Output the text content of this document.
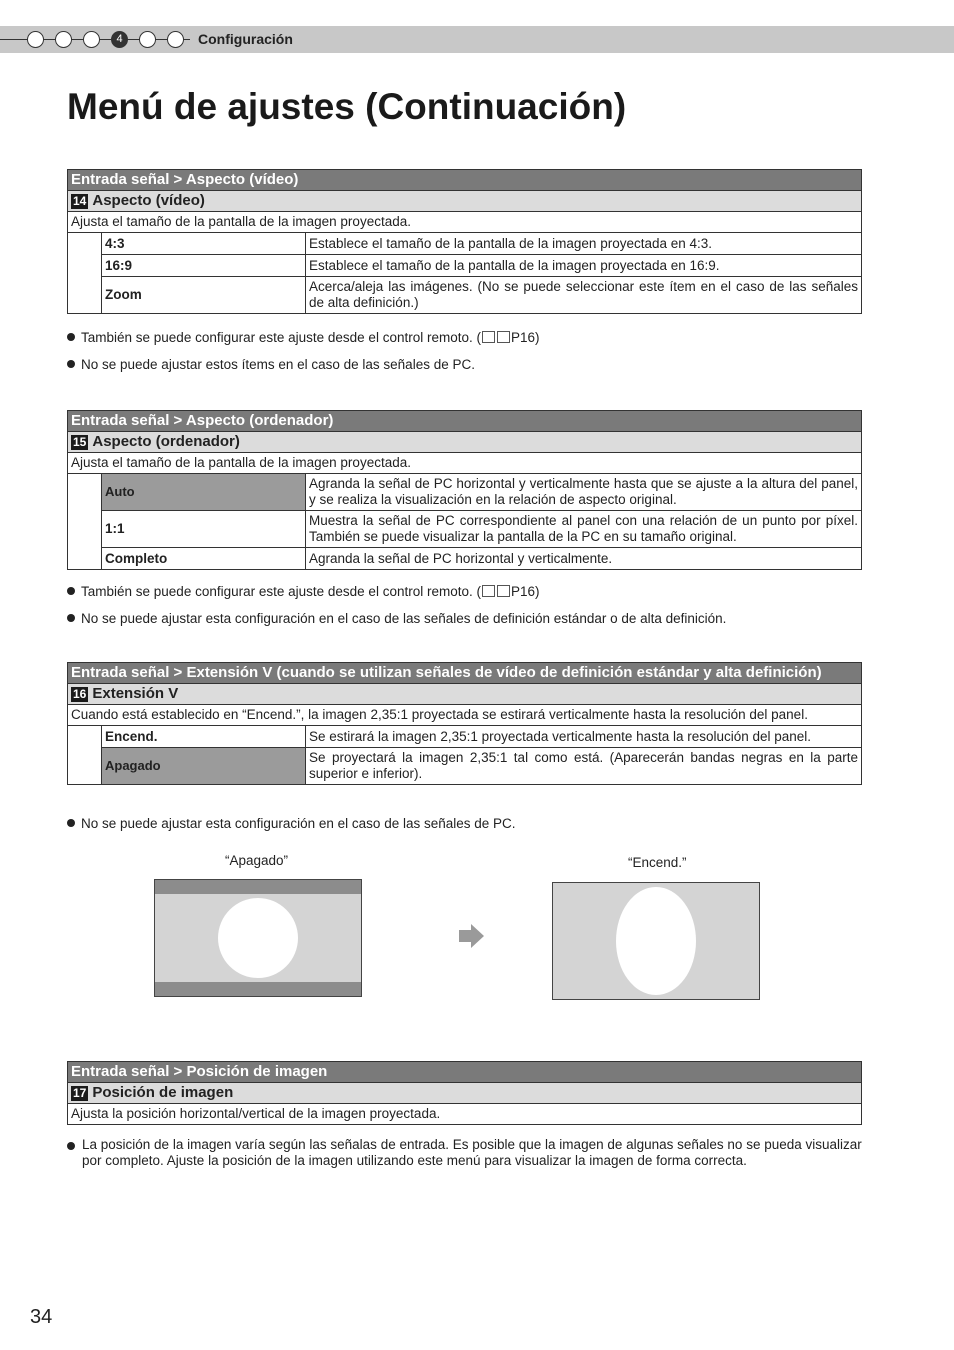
4	Configuración
Menú de ajustes (Continuación)
Entrada señal > Aspecto (vídeo)		
14 Aspecto (vídeo)		
Ajusta el tamaño de la pantalla de la imagen proyectada.		
	4:3	Establece el tamaño de la pantalla de la imagen proyectada en 4:3.
	16:9	Establece el tamaño de la pantalla de la imagen proyectada en 16:9.
	Zoom	Acerca/aleja las imágenes. (No se puede seleccionar este ítem en el caso de las señales de alta definición.)
También se puede configurar este ajuste desde el control remoto. ( P16)
No se puede ajustar estos ítems en el caso de las señales de PC.
Entrada señal > Aspecto (ordenador)		
15 Aspecto (ordenador)		
Ajusta el tamaño de la pantalla de la imagen proyectada.		
	Auto	Agranda la señal de PC horizontal y verticalmente hasta que se ajuste a la altura del panel, y se realiza la visualización en la relación de aspecto original.
	1:1	Muestra la señal de PC correspondiente al panel con una relación de un punto por píxel. También se puede visualizar la pantalla de la PC en su tamaño original.
	Completo	Agranda la señal de PC horizontal y verticalmente.
También se puede configurar este ajuste desde el control remoto. ( P16)
No se puede ajustar esta configuración en el caso de las señales de definición estándar o de alta definición.
Entrada señal > Extensión V (cuando se utilizan señales de vídeo de definición estándar y alta definición)		
16 Extensión V		
Cuando está establecido en “Encend.”, la imagen 2,35:1 proyectada se estirará verticalmente hasta la resolución del panel.		
	Encend.	Se estirará la imagen 2,35:1 proyectada verticalmente hasta la resolución del panel.
	Apagado	Se proyectará la imagen 2,35:1 tal como está. (Aparecerán bandas negras en la parte superior e inferior).
No se puede ajustar esta configuración en el caso de las señales de PC.
“Apagado”	“Encend.”
Entrada señal > Posición de imagen
17 Posición de imagen
Ajusta la posición horizontal/vertical de la imagen proyectada.
La posición de la imagen varía según las señalas de entrada. Es posible que la imagen de algunas señales no se pueda visualizar por completo. Ajuste la posición de la imagen utilizando este menú para visualizar la imagen de forma correcta.
34
